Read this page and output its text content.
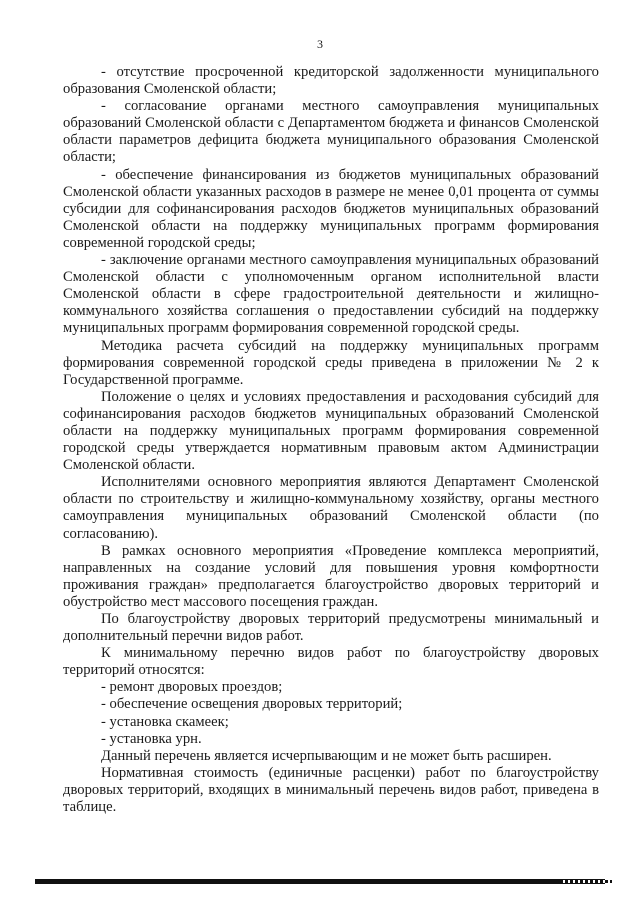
3

- отсутствие просроченной кредиторской задолженности муниципального образования Смоленской области;

- согласование органами местного самоуправления муниципальных образований Смоленской области с Департаментом бюджета и финансов Смоленской области параметров дефицита бюджета муниципального образования Смоленской области;

- обеспечение финансирования из бюджетов муниципальных образований Смоленской области указанных расходов в размере не менее 0,01 процента от суммы субсидии для софинансирования расходов бюджетов муниципальных образований Смоленской области на поддержку муниципальных программ формирования современной городской среды;

- заключение органами местного самоуправления муниципальных образований Смоленской области с уполномоченным органом исполнительной власти Смоленской области в сфере градостроительной деятельности и жилищно-коммунального хозяйства соглашения о предоставлении субсидий на поддержку муниципальных программ формирования современной городской среды.

Методика расчета субсидий на поддержку муниципальных программ формирования современной городской среды приведена в приложении № 2 к Государственной программе.

Положение о целях и условиях предоставления и расходования субсидий для софинансирования расходов бюджетов муниципальных образований Смоленской области на поддержку муниципальных программ формирования современной городской среды утверждается нормативным правовым актом Администрации Смоленской области.

Исполнителями основного мероприятия являются Департамент Смоленской области по строительству и жилищно-коммунальному хозяйству, органы местного самоуправления муниципальных образований Смоленской области (по согласованию).

В рамках основного мероприятия «Проведение комплекса мероприятий, направленных на создание условий для повышения уровня комфортности проживания граждан» предполагается благоустройство дворовых территорий и обустройство мест массового посещения граждан.

По благоустройству дворовых территорий предусмотрены минимальный и дополнительный перечни видов работ.

К минимальному перечню видов работ по благоустройству дворовых территорий относятся:

- ремонт дворовых проездов;

- обеспечение освещения дворовых территорий;

- установка скамеек;

- установка урн.

Данный перечень является исчерпывающим и не может быть расширен.

Нормативная стоимость (единичные расценки) работ по благоустройству дворовых территорий, входящих в минимальный перечень видов работ, приведена в таблице.
